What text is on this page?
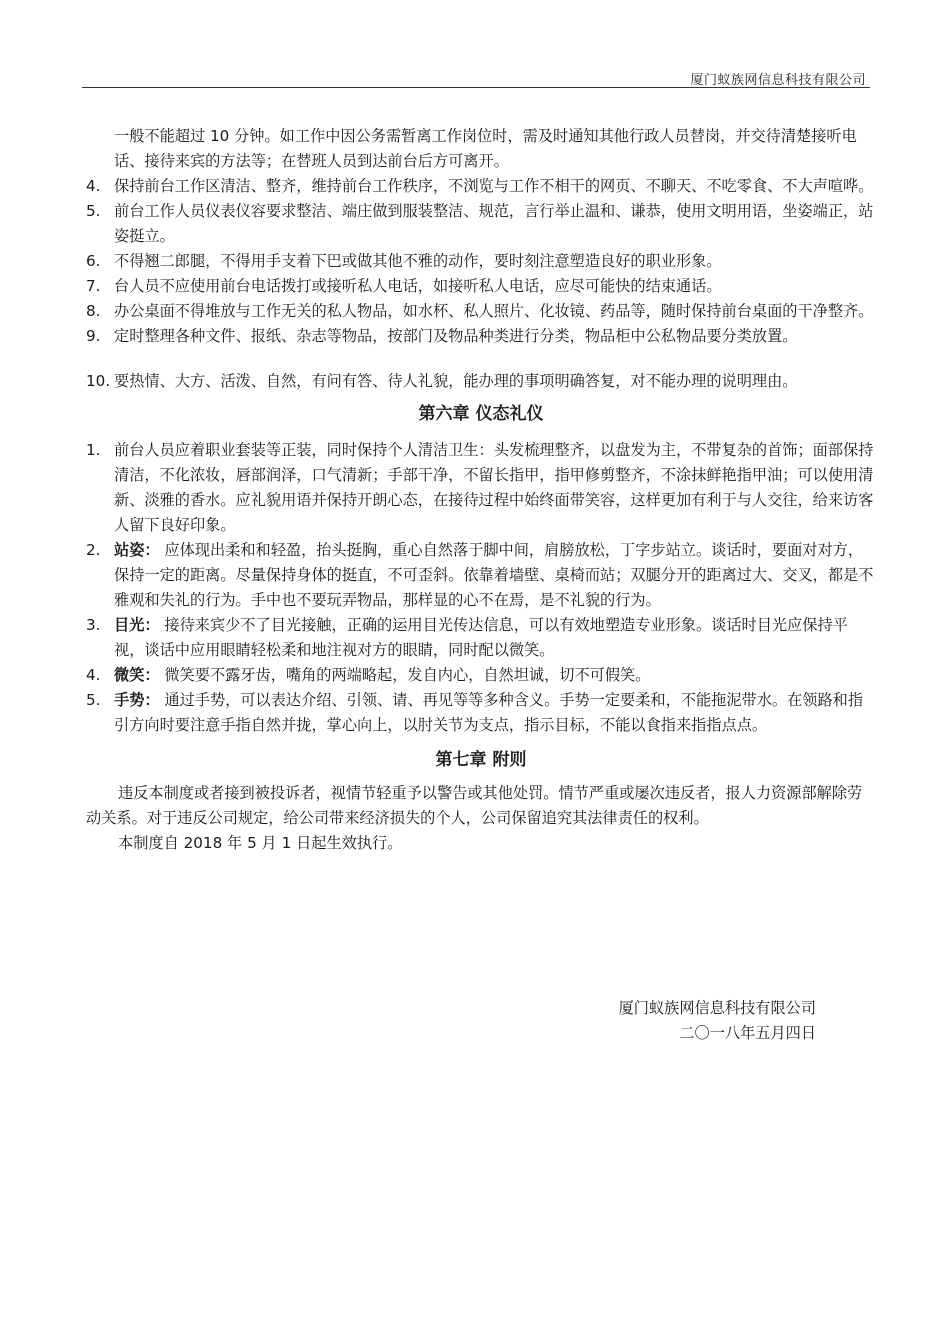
厦门蚁族网信息科技有限公司
一般不能超过 10 分钟。如工作中因公务需暂离工作岗位时，需及时通知其他行政人员替岗，并交待清楚接听电话、接待来宾的方法等；在替班人员到达前台后方可离开。
4. 保持前台工作区清洁、整齐，维持前台工作秩序，不浏览与工作不相干的网页、不聊天、不吃零食、不大声喧哗。
5. 前台工作人员仪表仪容要求整洁、端庄做到服装整洁、规范，言行举止温和、谦恭，使用文明用语，坐姿端正，站姿挺立。
6. 不得翘二郎腿，不得用手支着下巴或做其他不雅的动作，要时刻注意塑造良好的职业形象。
7. 台人员不应使用前台电话拨打或接听私人电话，如接听私人电话，应尽可能快的结束通话。
8. 办公桌面不得堆放与工作无关的私人物品，如水杯、私人照片、化妆镜、药品等，随时保持前台桌面的干净整齐。
9. 定时整理各种文件、报纸、杂志等物品，按部门及物品种类进行分类，物品柜中公私物品要分类放置。
10. 要热情、大方、活泼、自然，有问有答、待人礼貌，能办理的事项明确答复，对不能办理的说明理由。
第六章 仪态礼仪
1. 前台人员应着职业套装等正装，同时保持个人清洁卫生：头发梳理整齐，以盘发为主，不带复杂的首饰；面部保持清洁，不化浓妆，唇部润泽，口气清新；手部干净，不留长指甲，指甲修剪整齐，不涂抹鲜艳指甲油；可以使用清新、淡雅的香水。应礼貌用语并保持开朗心态，在接待过程中始终面带笑容，这样更加有利于与人交往，给来访客人留下良好印象。
2. 站姿： 应体现出柔和和轻盈，抬头挺胸，重心自然落于脚中间，肩膀放松，丁字步站立。谈话时，要面对对方，保持一定的距离。尽量保持身体的挺直，不可歪斜。依靠着墙壁、桌椅而站；双腿分开的距离过大、交叉，都是不雅观和失礼的行为。手中也不要玩弄物品，那样显的心不在焉，是不礼貌的行为。
3. 目光： 接待来宾少不了目光接触，正确的运用目光传达信息，可以有效地塑造专业形象。谈话时目光应保持平视，谈话中应用眼睛轻松柔和地注视对方的眼睛，同时配以微笑。
4. 微笑： 微笑要不露牙齿，嘴角的两端略起，发自内心，自然坦诚，切不可假笑。
5. 手势： 通过手势，可以表达介绍、引领、请、再见等等多种含义。手势一定要柔和，不能拖泥带水。在领路和指引方向时要注意手指自然并拢，掌心向上，以肘关节为支点，指示目标，不能以食指来指指点点。
第七章 附则
违反本制度或者接到被投诉者，视情节轻重予以警告或其他处罚。情节严重或屡次违反者，报人力资源部解除劳动关系。对于违反公司规定，给公司带来经济损失的个人，公司保留追究其法律责任的权利。
本制度自 2018 年 5 月 1 日起生效执行。
厦门蚁族网信息科技有限公司
二〇一八年五月四日
